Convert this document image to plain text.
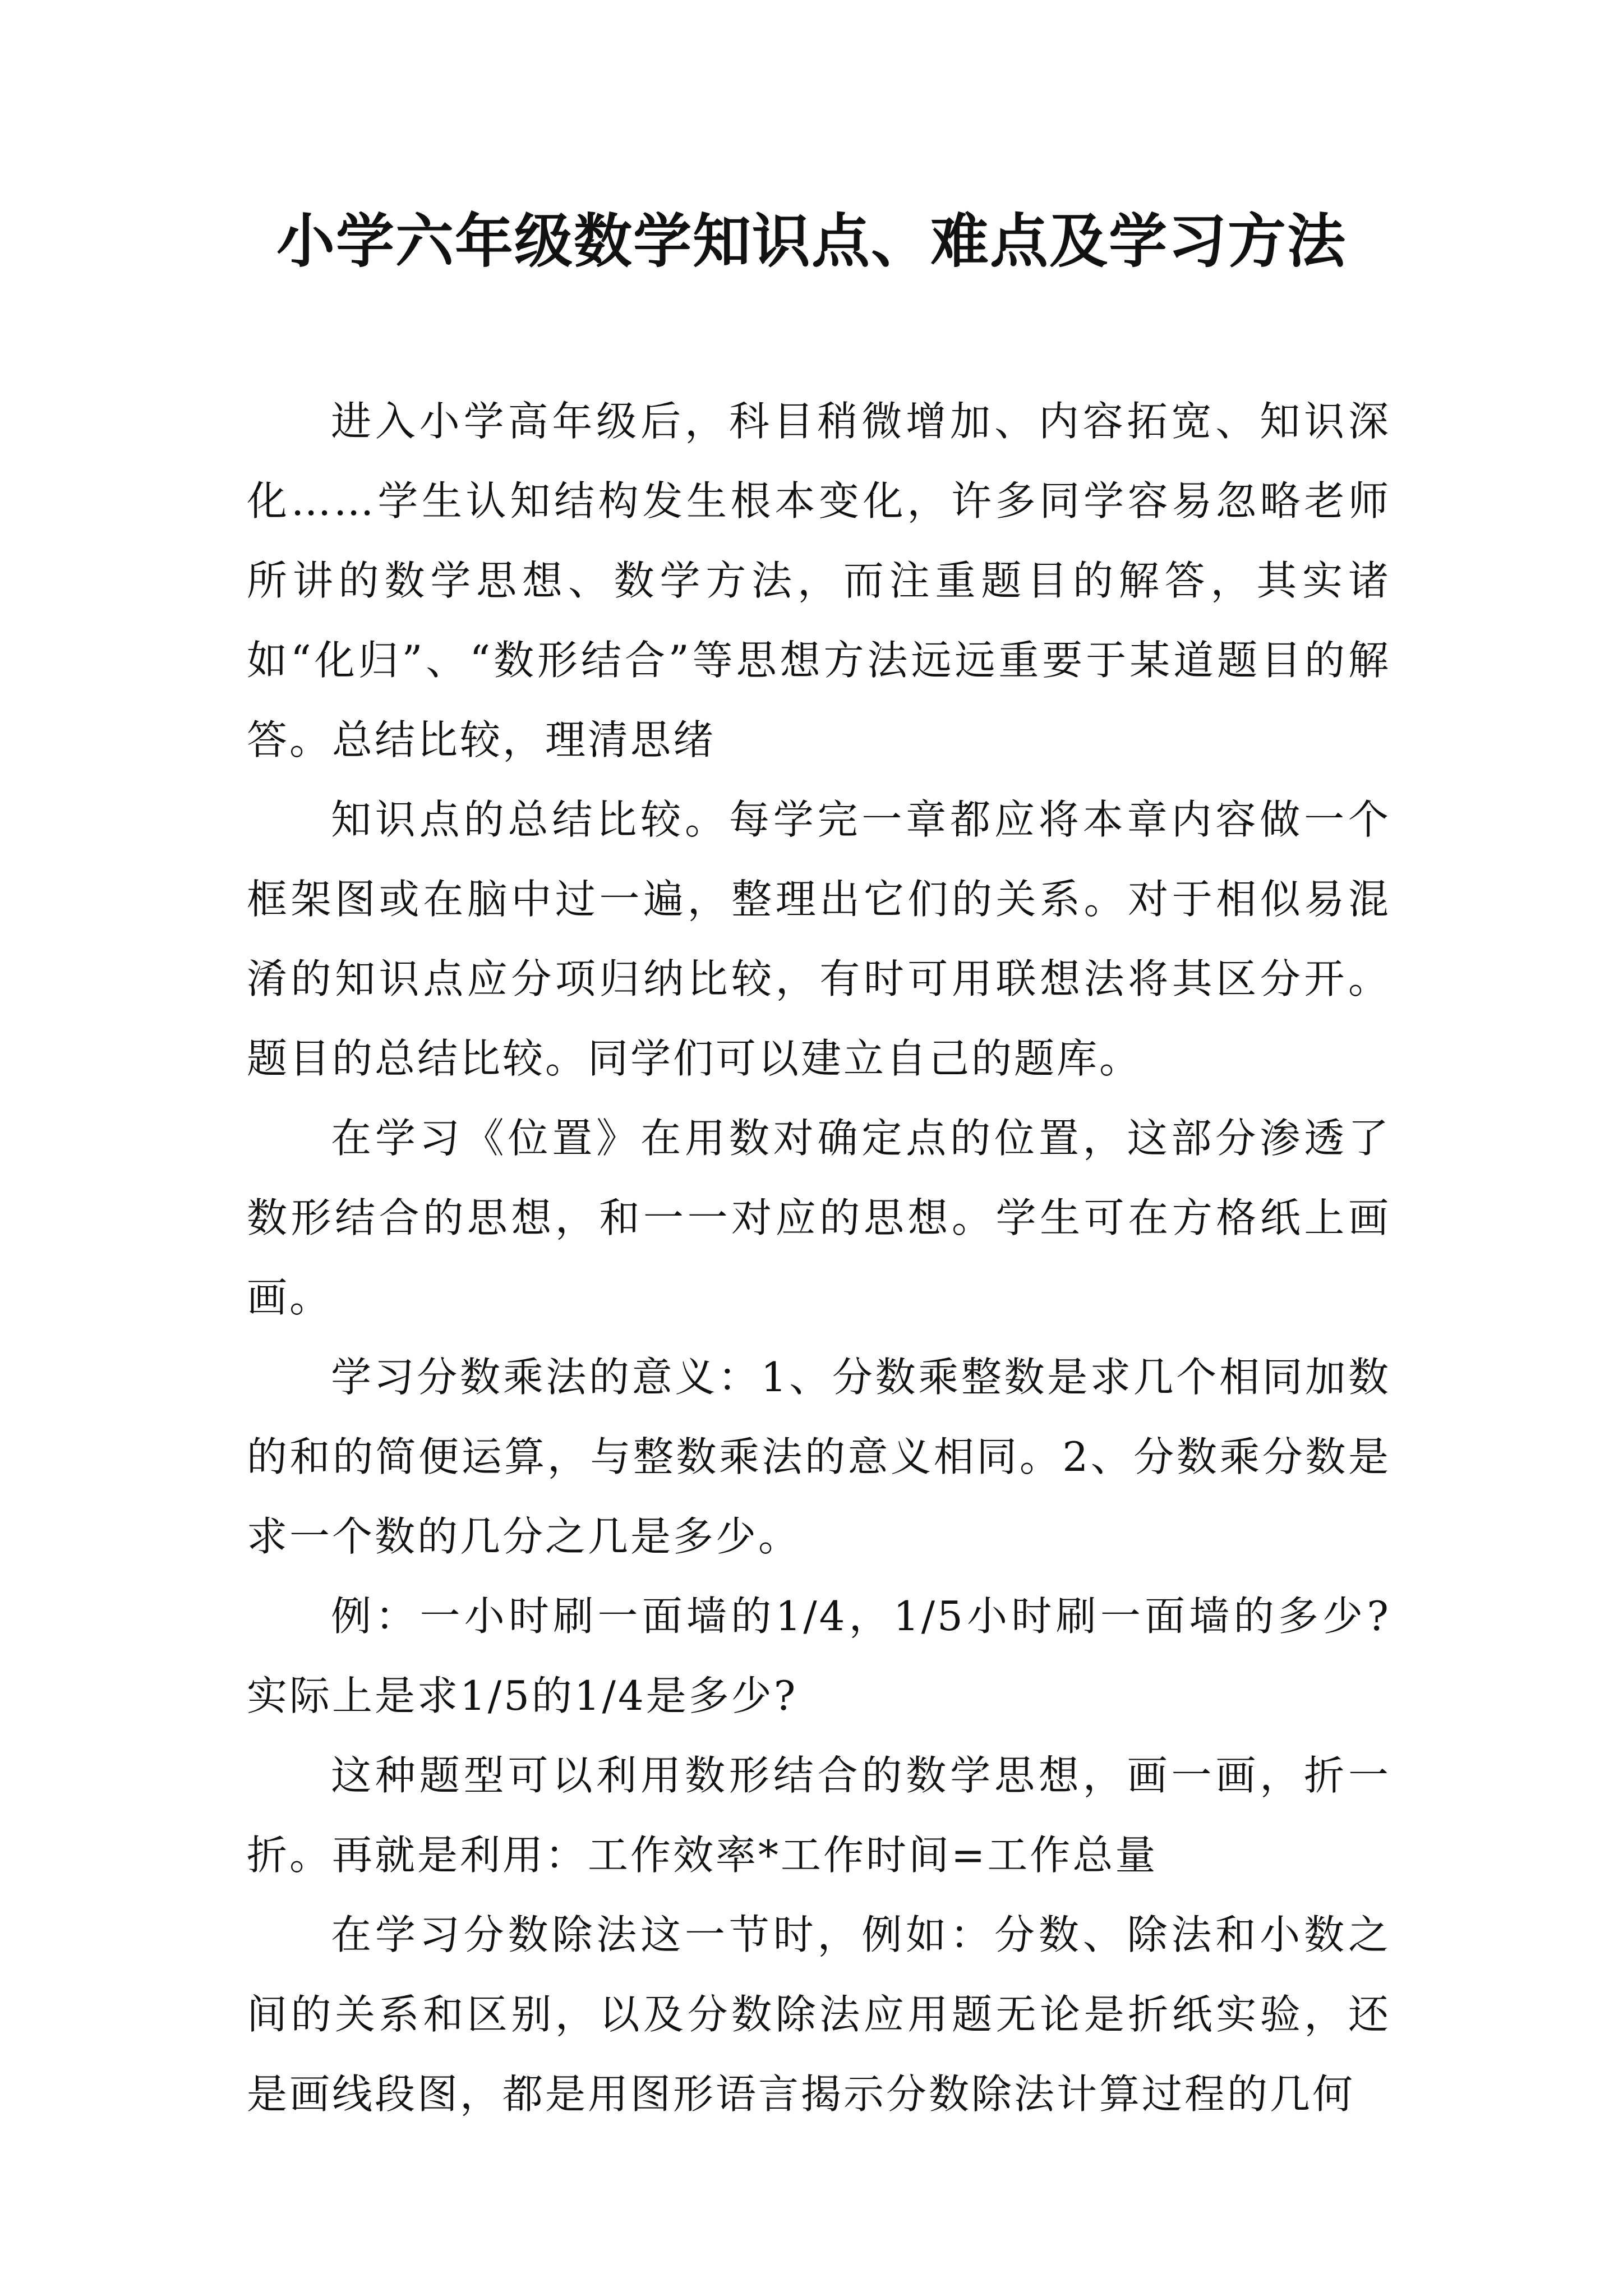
小学六年级数学知识点、难点及学习方法

进入小学高年级后，科目稍微增加、内容拓宽、知识深化……学生认知结构发生根本变化，许多同学容易忽略老师所讲的数学思想、数学方法，而注重题目的解答，其实诸如“化归”、“数形结合”等思想方法远远重要于某道题目的解答。总结比较，理清思绪

知识点的总结比较。每学完一章都应将本章内容做一个框架图或在脑中过一遍，整理出它们的关系。对于相似易混淆的知识点应分项归纳比较，有时可用联想法将其区分开。题目的总结比较。同学们可以建立自己的题库。

在学习《位置》在用数对确定点的位置，这部分渗透了数形结合的思想，和一一对应的思想。学生可在方格纸上画画。

学习分数乘法的意义：1、分数乘整数是求几个相同加数的和的简便运算，与整数乘法的意义相同。2、分数乘分数是求一个数的几分之几是多少。

例：一小时刷一面墙的1/4，1/5小时刷一面墙的多少?实际上是求1/5的1/4是多少?

这种题型可以利用数形结合的数学思想，画一画，折一折。再就是利用：工作效率*工作时间=工作总量

在学习分数除法这一节时，例如：分数、除法和小数之间的关系和区别，以及分数除法应用题无论是折纸实验，还是画线段图，都是用图形语言揭示分数除法计算过程的几何
